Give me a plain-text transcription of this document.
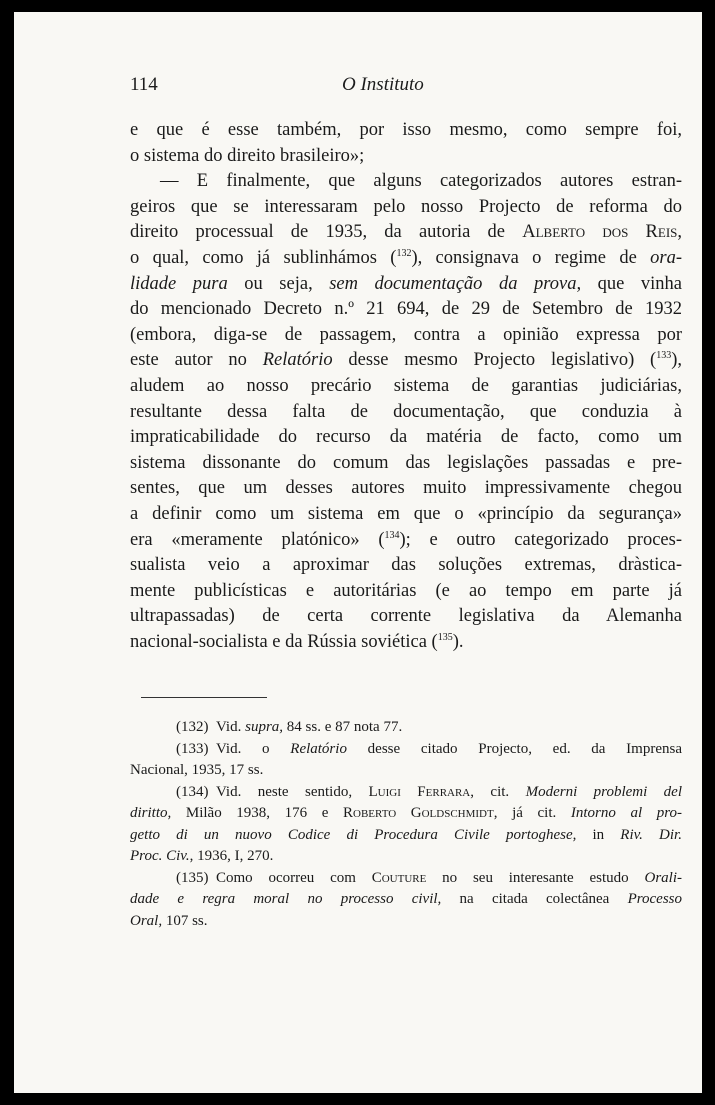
114	O Instituto
e que é esse também, por isso mesmo, como sempre foi,
o sistema do direito brasileiro»;
— E finalmente, que alguns categorizados autores estran-
geiros que se interessaram pelo nosso Projecto de reforma do
direito processual de 1935, da autoria de Alberto dos Reis,
o qual, como já sublinhámos ($^{132}$), consignava o regime de ora-
lidade pura ou seja, sem documentação da prova, que vinha
do mencionado Decreto n.º 21 694, de 29 de Setembro de 1932
(embora, diga-se de passagem, contra a opinião expressa por
este autor no Relatório desse mesmo Projecto legislativo) ($^{133}$),
aludem ao nosso precário sistema de garantias judiciárias,
resultante dessa falta de documentação, que conduzia à
impraticabilidade do recurso da matéria de facto, como um
sistema dissonante do comum das legislações passadas e pre-
sentes, que um desses autores muito impressivamente chegou
a definir como um sistema em que o «princípio da segurança»
era «meramente platónico» ($^{134}$); e outro categorizado proces-
sualista veio a aproximar das soluções extremas, dràstica-
mente publicísticas e autoritárias (e ao tempo em parte já
ultrapassadas) de certa corrente legislativa da Alemanha
nacional-socialista e da Rússia soviética ($^{135}$).
(132) Vid. supra, 84 ss. e 87 nota 77.
(133) Vid. o Relatório desse citado Projecto, ed. da Imprensa
Nacional, 1935, 17 ss.
(134) Vid. neste sentido, Luigi Ferrara, cit. Moderni problemi del
diritto, Milão 1938, 176 e Roberto Goldschmidt, já cit. Intorno al pro-
getto di un nuovo Codice di Procedura Civile portoghese, in Riv. Dir.
Proc. Civ., 1936, I, 270.
(135) Como ocorreu com Couture no seu interesante estudo Orali-
dade e regra moral no processo civil, na citada colectânea Processo
Oral, 107 ss.
